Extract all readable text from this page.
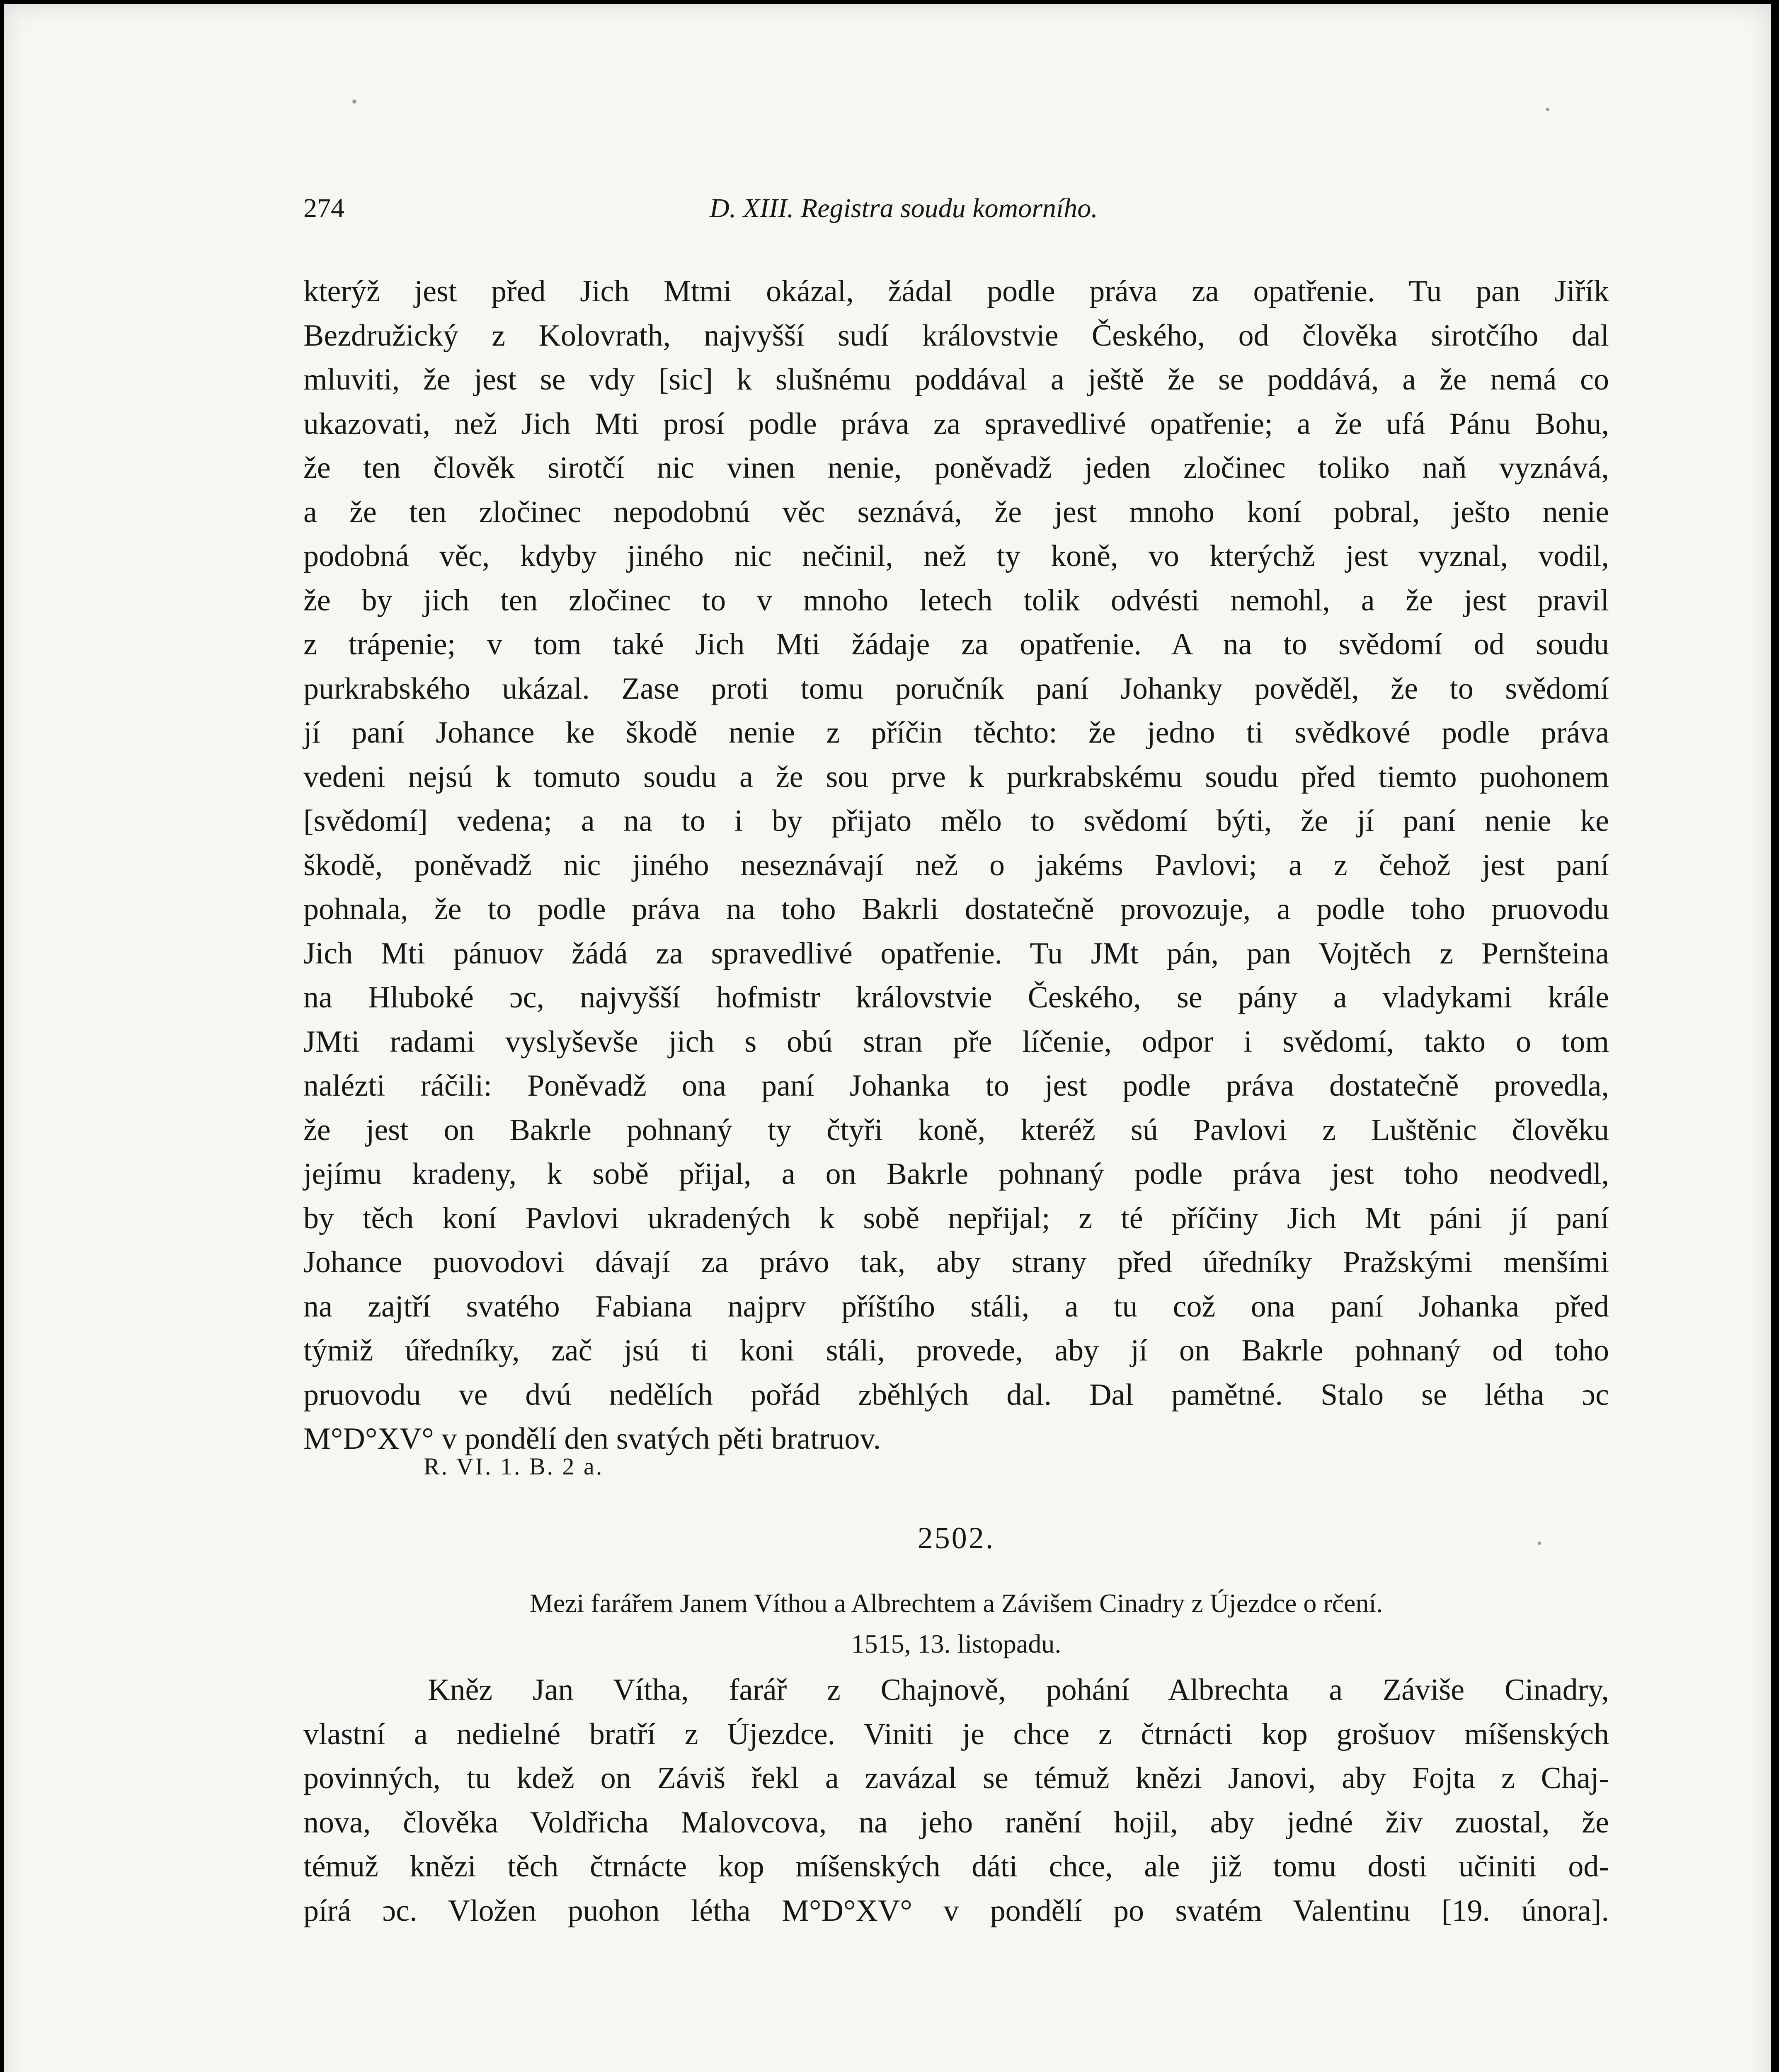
274	D. XIII. Registra soudu komorního.
kterýž jest před Jich Mtmi okázal, žádal podle práva za opatřenie. Tu pan Jiřík
Bezdružický z Kolovrath, najvyšší sudí královstvie Českého, od člověka sirotčího dal
mluviti, že jest se vdy [sic] k slušnému poddával a ještě že se poddává, a že nemá co
ukazovati, než Jich Mti prosí podle práva za spravedlivé opatřenie; a že ufá Pánu Bohu,
že ten člověk sirotčí nic vinen nenie, poněvadž jeden zločinec toliko naň vyznává,
a že ten zločinec nepodobnú věc seznává, že jest mnoho koní pobral, ješto nenie
podobná věc, kdyby jiného nic nečinil, než ty koně, vo kterýchž jest vyznal, vodil,
že by jich ten zločinec to v mnoho letech tolik odvésti nemohl, a že jest pravil
z trápenie; v tom také Jich Mti žádaje za opatřenie. A na to svědomí od soudu
purkrabského ukázal. Zase proti tomu poručník paní Johanky pověděl, že to svědomí
jí paní Johance ke škodě nenie z příčin těchto: že jedno ti svědkové podle práva
vedeni nejsú k tomuto soudu a že sou prve k purkrabskému soudu před tiemto puohonem
[svědomí] vedena; a na to i by přijato mělo to svědomí býti, že jí paní nenie ke
škodě, poněvadž nic jiného neseznávají než o jakéms Pavlovi; a z čehož jest paní
pohnala, že to podle práva na toho Bakrli dostatečně provozuje, a podle toho pruovodu
Jich Mti pánuov žádá za spravedlivé opatřenie. Tu JMt pán, pan Vojtěch z Pernšteina
na Hluboké ɔc, najvyšší hofmistr královstvie Českého, se pány a vladykami krále
JMti radami vyslyševše jich s obú stran pře líčenie, odpor i svědomí, takto o tom
nalézti ráčili: Poněvadž ona paní Johanka to jest podle práva dostatečně provedla,
že jest on Bakrle pohnaný ty čtyři koně, kteréž sú Pavlovi z Luštěnic člověku
jejímu kradeny, k sobě přijal, a on Bakrle pohnaný podle práva jest toho neodvedl,
by těch koní Pavlovi ukradených k sobě nepřijal; z té příčiny Jich Mt páni jí paní
Johance puovodovi dávají za právo tak, aby strany před úředníky Pražskými menšími
na zajtří svatého Fabiana najprv příštího stáli, a tu což ona paní Johanka před
týmiž úředníky, zač jsú ti koni stáli, provede, aby jí on Bakrle pohnaný od toho
pruovodu ve dvú nedělích pořád zběhlých dal. Dal pamětné. Stalo se létha ɔc
M°D°XV° v pondělí den svatých pěti bratruov.
R. VI. 1. B. 2 a.
2502.
Mezi farářem Janem Víthou a Albrechtem a Závišem Cinadry z Újezdce o rčení.
1515, 13. listopadu.
Kněz Jan Vítha, farář z Chajnově, pohání Albrechta a Záviše Cinadry,
vlastní a nedielné bratří z Újezdce. Viniti je chce z čtrnácti kop grošuov míšenských
povinných, tu kdež on Záviš řekl a zavázal se témuž knězi Janovi, aby Fojta z Chaj-
nova, člověka Voldřicha Malovcova, na jeho ranění hojil, aby jedné živ zuostal, že
témuž knězi těch čtrnácte kop míšenských dáti chce, ale již tomu dosti učiniti od-
pírá ɔc. Vložen puohon létha M°D°XV° v pondělí po svatém Valentinu [19. února].
